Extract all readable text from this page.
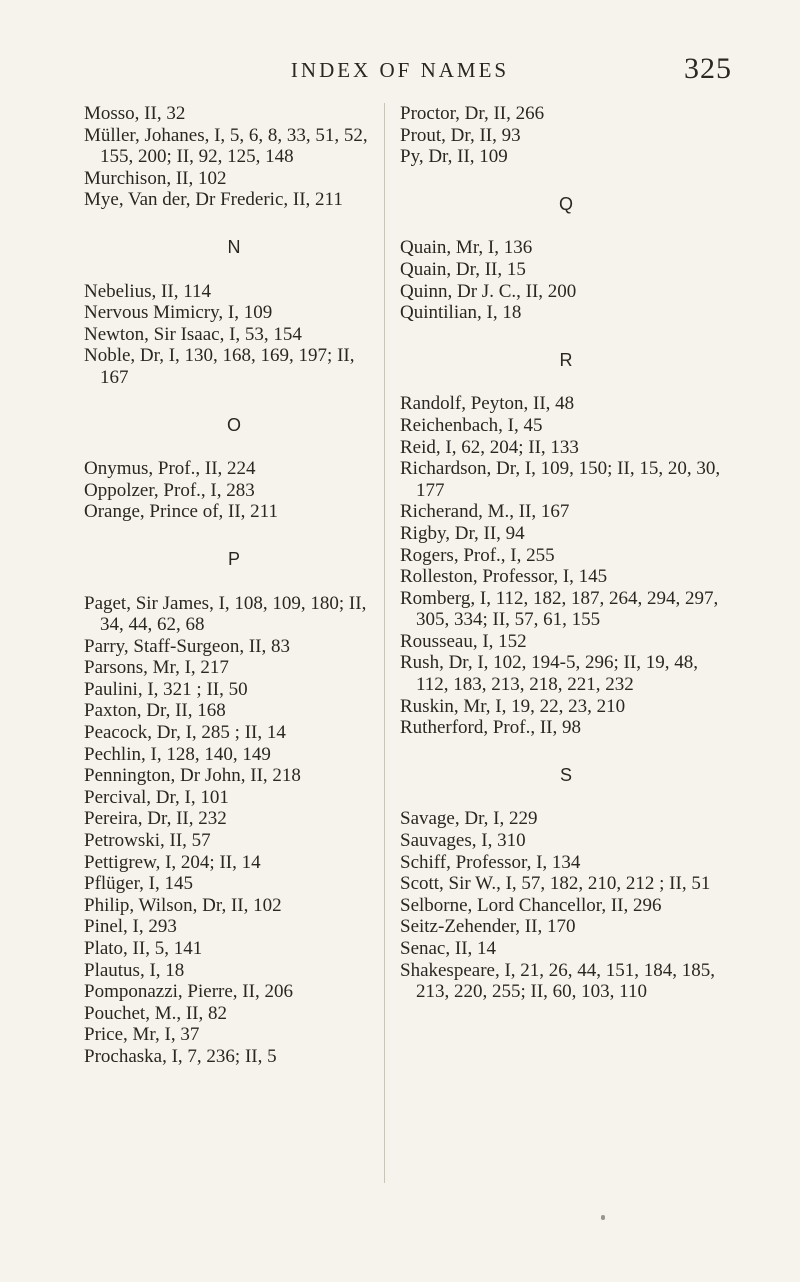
INDEX OF NAMES	325

Mosso, II, 32

Müller, Johanes, I, 5, 6, 8, 33, 51, 52, 155, 200; II, 92, 125, 148

Murchison, II, 102

Mye, Van der, Dr Frederic, II, 211

N

Nebelius, II, 114

Nervous Mimicry, I, 109

Newton, Sir Isaac, I, 53, 154

Noble, Dr, I, 130, 168, 169, 197; II, 167

O

Onymus, Prof., II, 224

Oppolzer, Prof., I, 283

Orange, Prince of, II, 211

P

Paget, Sir James, I, 108, 109, 180; II, 34, 44, 62, 68

Parry, Staff-Surgeon, II, 83

Parsons, Mr, I, 217

Paulini, I, 321 ; II, 50

Paxton, Dr, II, 168

Peacock, Dr, I, 285 ; II, 14

Pechlin, I, 128, 140, 149

Pennington, Dr John, II, 218

Percival, Dr, I, 101

Pereira, Dr, II, 232

Petrowski, II, 57

Pettigrew, I, 204; II, 14

Pflüger, I, 145

Philip, Wilson, Dr, II, 102

Pinel, I, 293

Plato, II, 5, 141

Plautus, I, 18

Pomponazzi, Pierre, II, 206

Pouchet, M., II, 82

Price, Mr, I, 37

Prochaska, I, 7, 236; II, 5

Proctor, Dr, II, 266

Prout, Dr, II, 93

Py, Dr, II, 109

Q

Quain, Mr, I, 136

Quain, Dr, II, 15

Quinn, Dr J. C., II, 200

Quintilian, I, 18

R

Randolf, Peyton, II, 48

Reichenbach, I, 45

Reid, I, 62, 204; II, 133

Richardson, Dr, I, 109, 150; II, 15, 20, 30, 177

Richerand, M., II, 167

Rigby, Dr, II, 94

Rogers, Prof., I, 255

Rolleston, Professor, I, 145

Romberg, I, 112, 182, 187, 264, 294, 297, 305, 334; II, 57, 61, 155

Rousseau, I, 152

Rush, Dr, I, 102, 194-5, 296; II, 19, 48, 112, 183, 213, 218, 221, 232

Ruskin, Mr, I, 19, 22, 23, 210

Rutherford, Prof., II, 98

S

Savage, Dr, I, 229

Sauvages, I, 310

Schiff, Professor, I, 134

Scott, Sir W., I, 57, 182, 210, 212 ; II, 51

Selborne, Lord Chancellor, II, 296

Seitz-Zehender, II, 170

Senac, II, 14

Shakespeare, I, 21, 26, 44, 151, 184, 185, 213, 220, 255; II, 60, 103, 110
